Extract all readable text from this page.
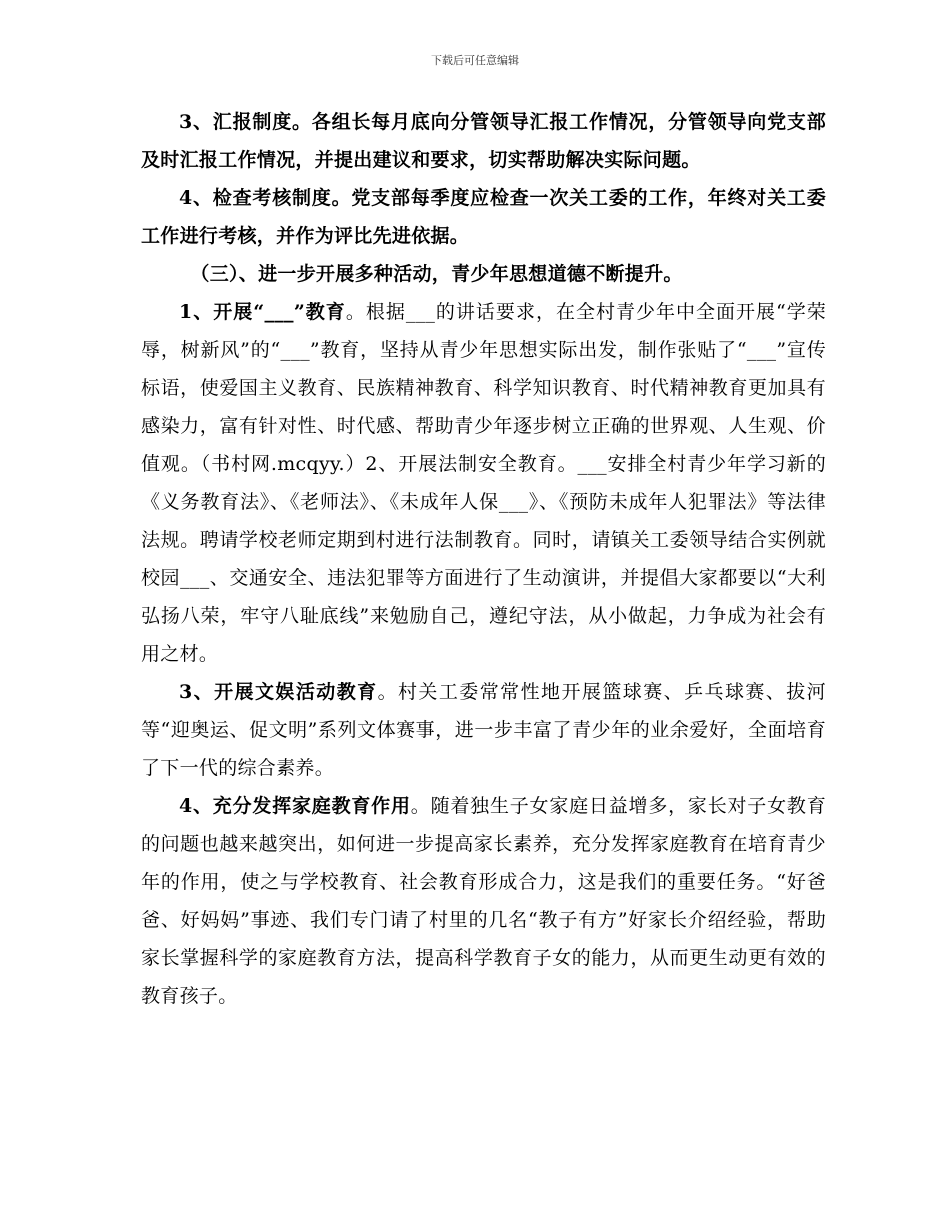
下载后可任意编辑

3、汇报制度。各组长每月底向分管领导汇报工作情况，分管领导向党支部及时汇报工作情况，并提出建议和要求，切实帮助解决实际问题。

4、检查考核制度。党支部每季度应检查一次关工委的工作，年终对关工委工作进行考核，并作为评比先进依据。

（三）、进一步开展多种活动，青少年思想道德不断提升。

1、开展“___”教育。根据___的讲话要求，在全村青少年中全面开展“学荣辱，树新风”的“___”教育，坚持从青少年思想实际出发，制作张贴了“___”宣传标语，使爱国主义教育、民族精神教育、科学知识教育、时代精神教育更加具有感染力，富有针对性、时代感、帮助青少年逐步树立正确的世界观、人生观、价值观。（书村网.mcqyy.）2、开展法制安全教育。___安排全村青少年学习新的《义务教育法》、《老师法》、《未成年人保___》、《预防未成年人犯罪法》等法律法规。聘请学校老师定期到村进行法制教育。同时，请镇关工委领导结合实例就校园___、交通安全、违法犯罪等方面进行了生动演讲，并提倡大家都要以“大利弘扬八荣，牢守八耻底线”来勉励自己，遵纪守法，从小做起，力争成为社会有用之材。

3、开展文娱活动教育。村关工委常常性地开展篮球赛、乒乓球赛、拔河等“迎奥运、促文明”系列文体赛事，进一步丰富了青少年的业余爱好，全面培育了下一代的综合素养。

4、充分发挥家庭教育作用。随着独生子女家庭日益增多，家长对子女教育的问题也越来越突出，如何进一步提高家长素养，充分发挥家庭教育在培育青少年的作用，使之与学校教育、社会教育形成合力，这是我们的重要任务。“好爸爸、好妈妈”事迹、我们专门请了村里的几名“教子有方”好家长介绍经验，帮助家长掌握科学的家庭教育方法，提高科学教育子女的能力，从而更生动更有效的教育孩子。
